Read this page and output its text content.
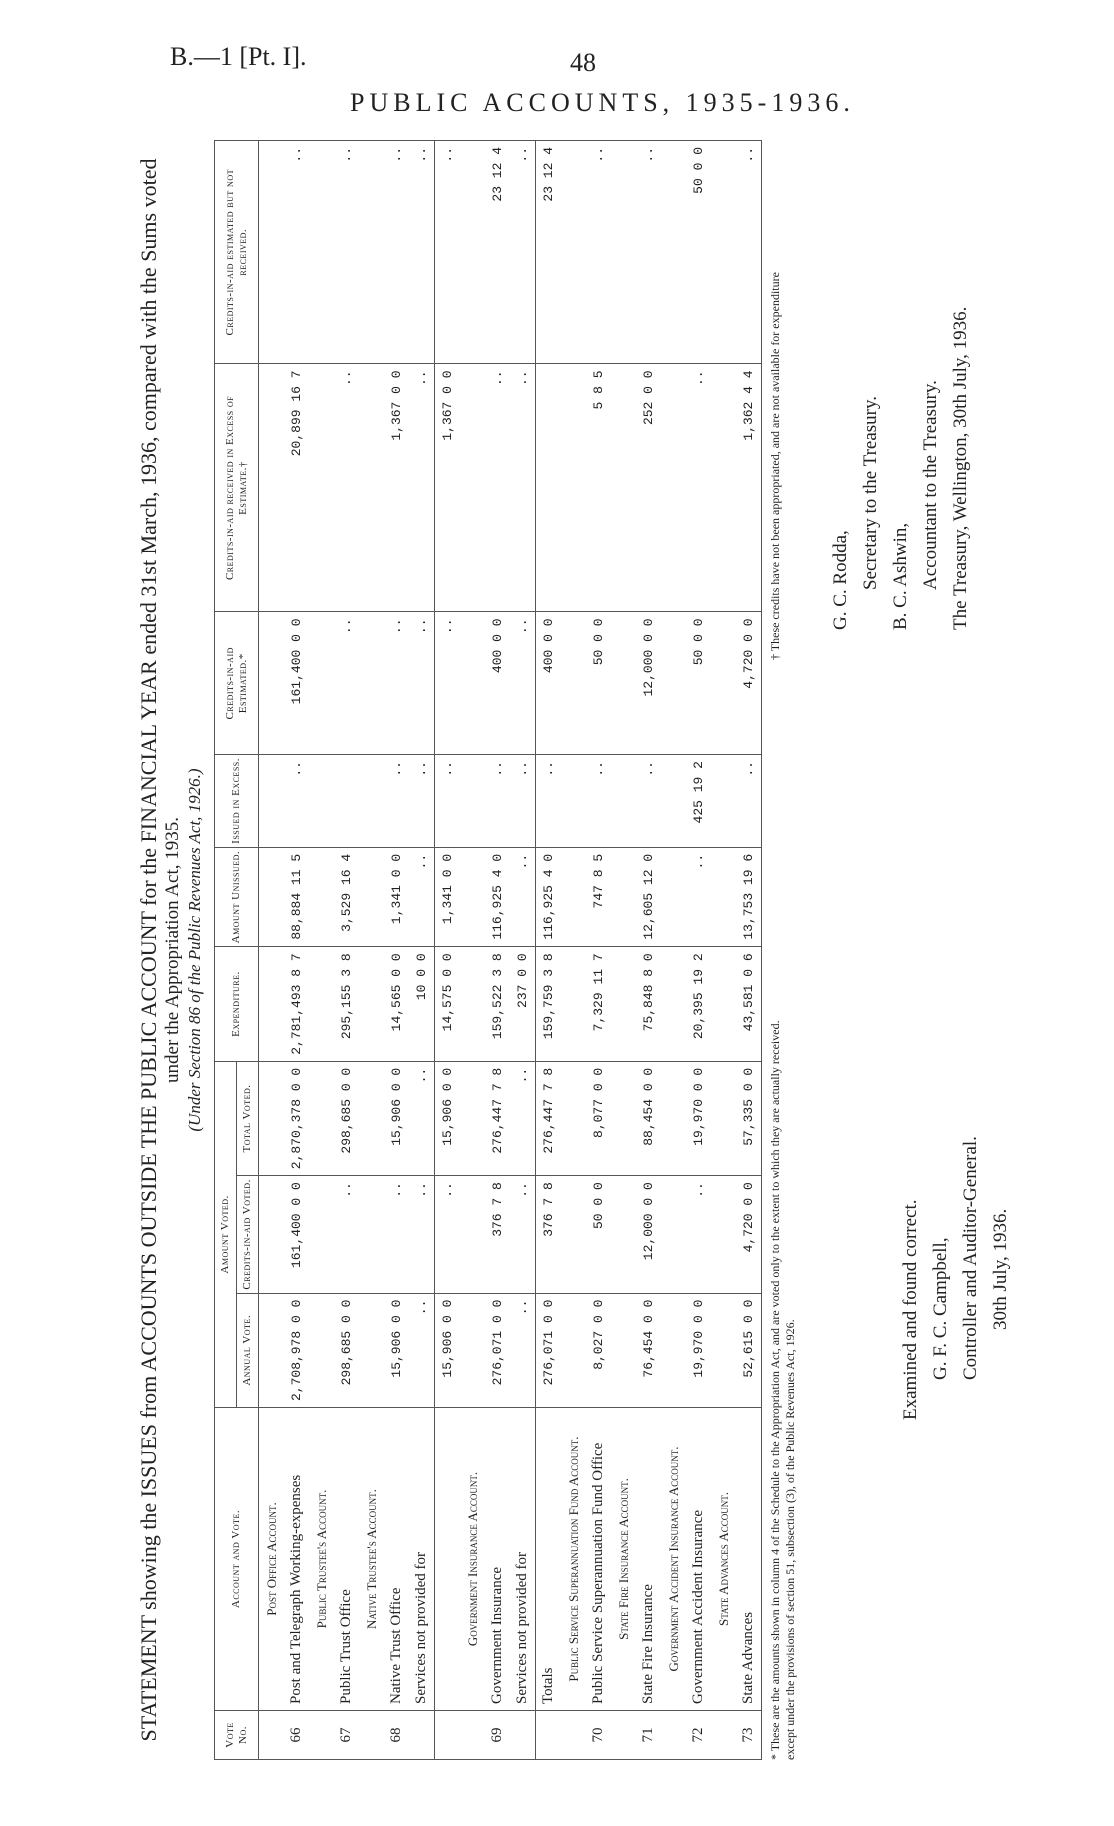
B.—1 [Pt. I].	48
PUBLIC ACCOUNTS, 1935-1936.
STATEMENT showing the ISSUES from ACCOUNTS OUTSIDE THE PUBLIC ACCOUNT for the FINANCIAL YEAR ended 31st March, 1936, compared with the Sums voted under the Appropriation Act, 1935. (Under Section 86 of the Public Revenues Act, 1926.)
Vote No.	Account and Vote.	Amount Voted.			Expenditure.	Amount Unissued.	Issued in Excess.	Credits-in-aid Estimated.*	Credits-in-aid received in Excess of Estimate.†	Credits-in-aid estimated but not received.
		Annual Vote.	Credits-in-aid Voted.	Total Voted.						
	Post Office Account.									
66	Post and Telegraph Working-expenses	2,708,978 0 0	161,400 0 0	2,870,378 0 0	2,781,493 8 7	88,884 11 5	..	161,400 0 0	20,899 16 7	..
	Public Trustee's Account.									
67	Public Trust Office	298,685 0 0	..	298,685 0 0	295,155 3 8	3,529 16 4		..	..	..
	Native Trustee's Account.									
68	Native Trust Office	15,906 0 0	..	15,906 0 0	14,565 0 0	1,341 0 0	..	..	1,367 0 0	..
	Services not provided for	..	..	..	10 0 0	..	..	..	..	..
		15,906 0 0	..	15,906 0 0	14,575 0 0	1,341 0 0	..	..	1,367 0 0	..
	Government Insurance Account.									
69	Government Insurance	276,071 0 0	376 7 8	276,447 7 8	159,522 3 8	116,925 4 0	..	400 0 0	..	23 12 4
	Services not provided for	..	..	..	237 0 0	..	..	..	..	..
	Totals	276,071 0 0	376 7 8	276,447 7 8	159,759 3 8	116,925 4 0	..	400 0 0		23 12 4
	Public Service Superannuation Fund Account.									
70	Public Service Superannuation Fund Office	8,027 0 0	50 0 0	8,077 0 0	7,329 11 7	747 8 5	..	50 0 0	5 8 5	..
	State Fire Insurance Account.									
71	State Fire Insurance	76,454 0 0	12,000 0 0	88,454 0 0	75,848 8 0	12,605 12 0	..	12,000 0 0	252 0 0	..
	Government Accident Insurance Account.									
72	Government Accident Insurance	19,970 0 0	..	19,970 0 0	20,395 19 2	..	425 19 2	50 0 0	..	50 0 0
	State Advances Account.									
73	State Advances	52,615 0 0	4,720 0 0	57,335 0 0	43,581 0 6	13,753 19 6	..	4,720 0 0	1,362 4 4	..
* These are the amounts shown in column 4 of the Schedule to the Appropriation Act, and are voted only to the extent to which they are actually received. except under the provisions of section 51, subsection (3), of the Public Revenues Act, 1926.
† These credits have not been appropriated, and are not available for expenditure
Examined and found correct. G. F. C. Campbell, Controller and Auditor-General. 30th July, 1936.
G. C. Rodda, Secretary to the Treasury. B. C. Ashwin, Accountant to the Treasury. The Treasury, Wellington, 30th July, 1936.
